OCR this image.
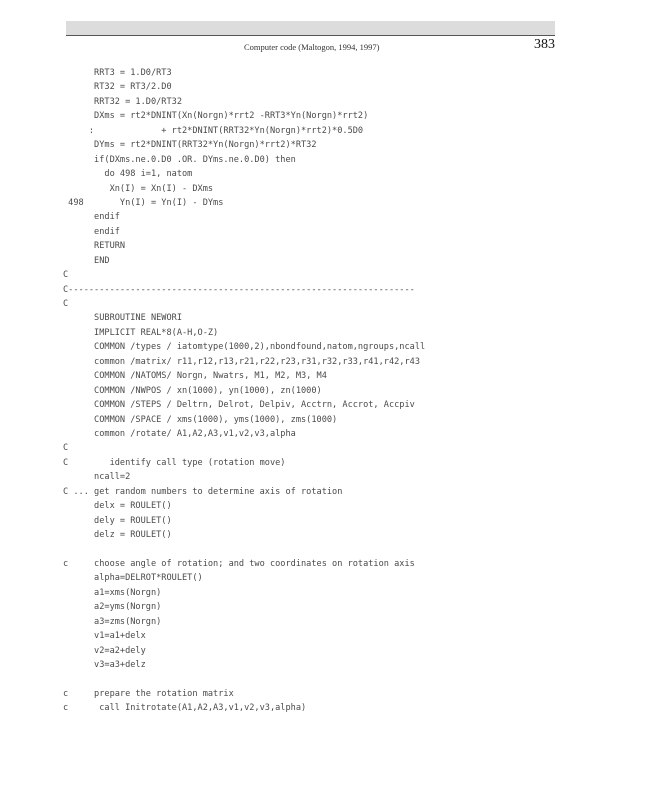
Computer code (Maltogon, 1994, 1997)	383
RRT3 = 1.D0/RT3
RT32 = RT3/2.D0
RRT32 = 1.D0/RT32
DXms = rt2*DNINT(Xn(Norgn)*rrt2 -RRT3*Yn(Norgn)*rrt2)
:             + rt2*DNINT(RRT32*Yn(Norgn)*rrt2)*0.5D0
DYms = rt2*DNINT(RRT32*Yn(Norgn)*rrt2)*RT32
if(DXms.ne.0.D0 .OR. DYms.ne.0.D0) then
do 498 i=1, natom
Xn(I) = Xn(I) - DXms
498       Yn(I) = Yn(I) - DYms
endif
endif
RETURN
END
C
C-------------------------------------------------------------------
C
SUBROUTINE NEWORI
IMPLICIT REAL*8(A-H,O-Z)
COMMON /types / iatomtype(1000,2),nbondfound,natom,ngroups,ncall
common /matrix/ r11,r12,r13,r21,r22,r23,r31,r32,r33,r41,r42,r43
COMMON /NATOMS/ Norgn, Nwatrs, M1, M2, M3, M4
COMMON /NWPOS / xn(1000), yn(1000), zn(1000)
COMMON /STEPS / Deltrn, Delrot, Delpiv, Acctrn, Accrot, Accpiv
COMMON /SPACE / xms(1000), yms(1000), zms(1000)
common /rotate/ A1,A2,A3,v1,v2,v3,alpha
C
C        identify call type (rotation move)
ncall=2
C ... get random numbers to determine axis of rotation
delx = ROULET()
dely = ROULET()
delz = ROULET()
c     choose angle of rotation; and two coordinates on rotation axis
alpha=DELROT*ROULET()
a1=xms(Norgn)
a2=yms(Norgn)
a3=zms(Norgn)
v1=a1+delx
v2=a2+dely
v3=a3+delz
c     prepare the rotation matrix
c      call Initrotate(A1,A2,A3,v1,v2,v3,alpha)
